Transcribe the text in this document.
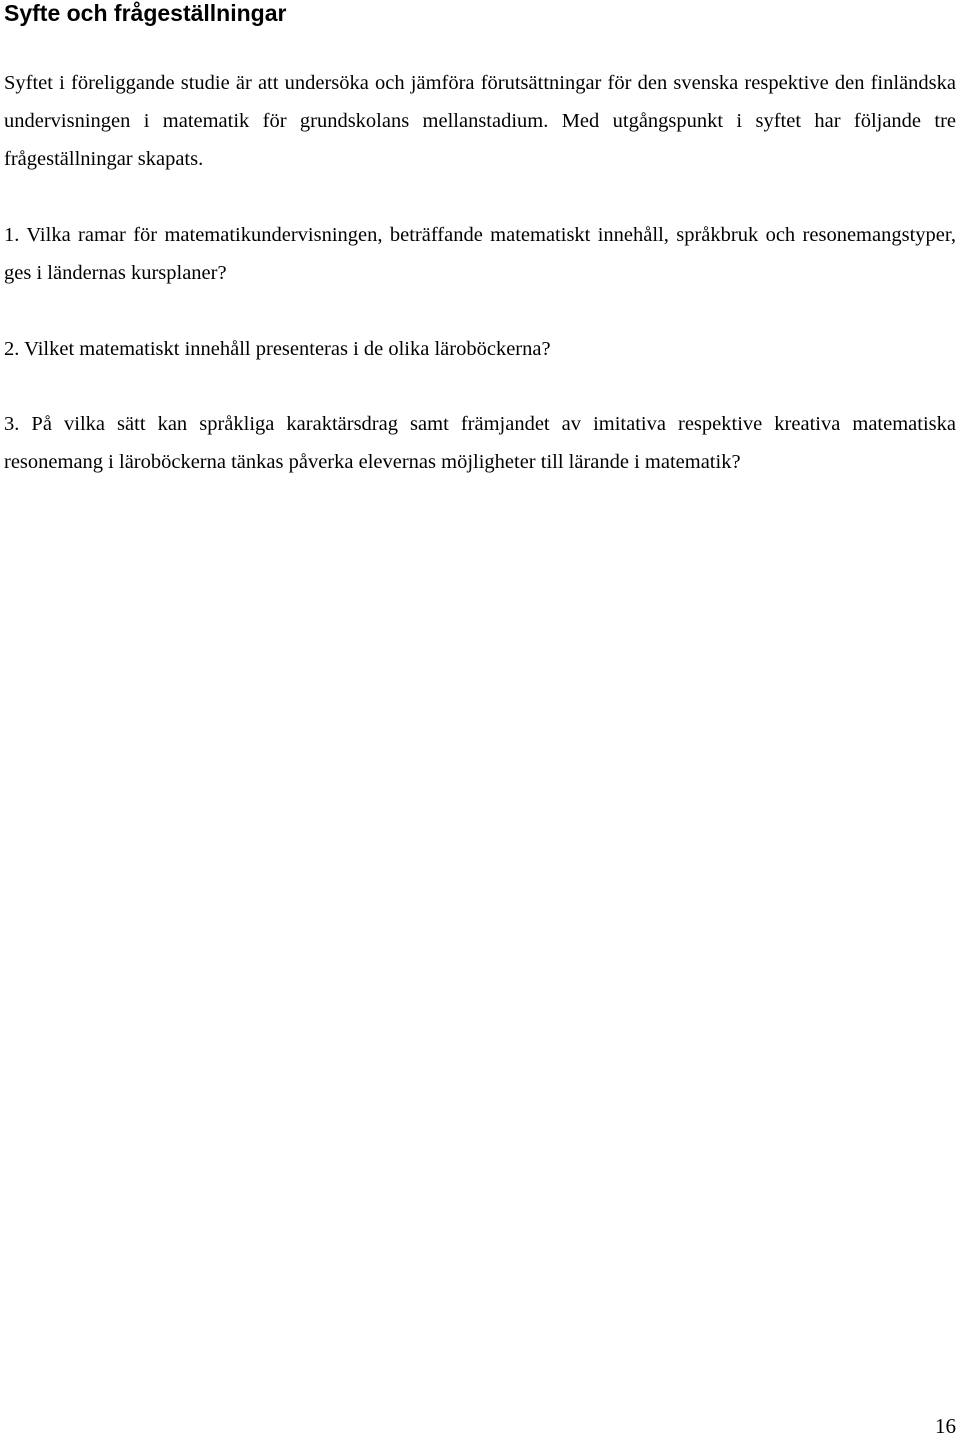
Syfte och frågeställningar

Syftet i föreliggande studie är att undersöka och jämföra förutsättningar för den svenska respektive den finländska undervisningen i matematik för grundskolans mellanstadium. Med utgångspunkt i syftet har följande tre frågeställningar skapats.

1. Vilka ramar för matematikundervisningen, beträffande matematiskt innehåll, språkbruk och resonemangstyper, ges i ländernas kursplaner?

2. Vilket matematiskt innehåll presenteras i de olika läroböckerna?

3. På vilka sätt kan språkliga karaktärsdrag samt främjandet av imitativa respektive kreativa matematiska resonemang i läroböckerna tänkas påverka elevernas möjligheter till lärande i matematik?

16
